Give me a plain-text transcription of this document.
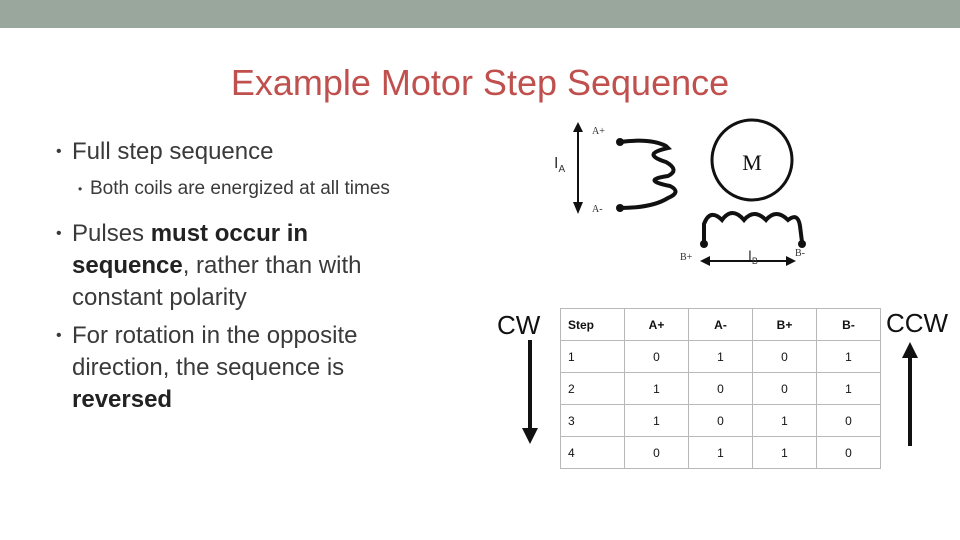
Example Motor Step Sequence
• Full step sequence
• Both coils are energized at all times
• Pulses must occur in sequence, rather than with constant polarity
• For rotation in the opposite direction, the sequence is reversed
$I_A$
A+
A-
M
B+	B-
$I_B$
CW	CCW
Step	A+	A-	B+	B-
1	0	1	0	1
2	1	0	0	1
3	1	0	1	0
4	0	1	1	0
